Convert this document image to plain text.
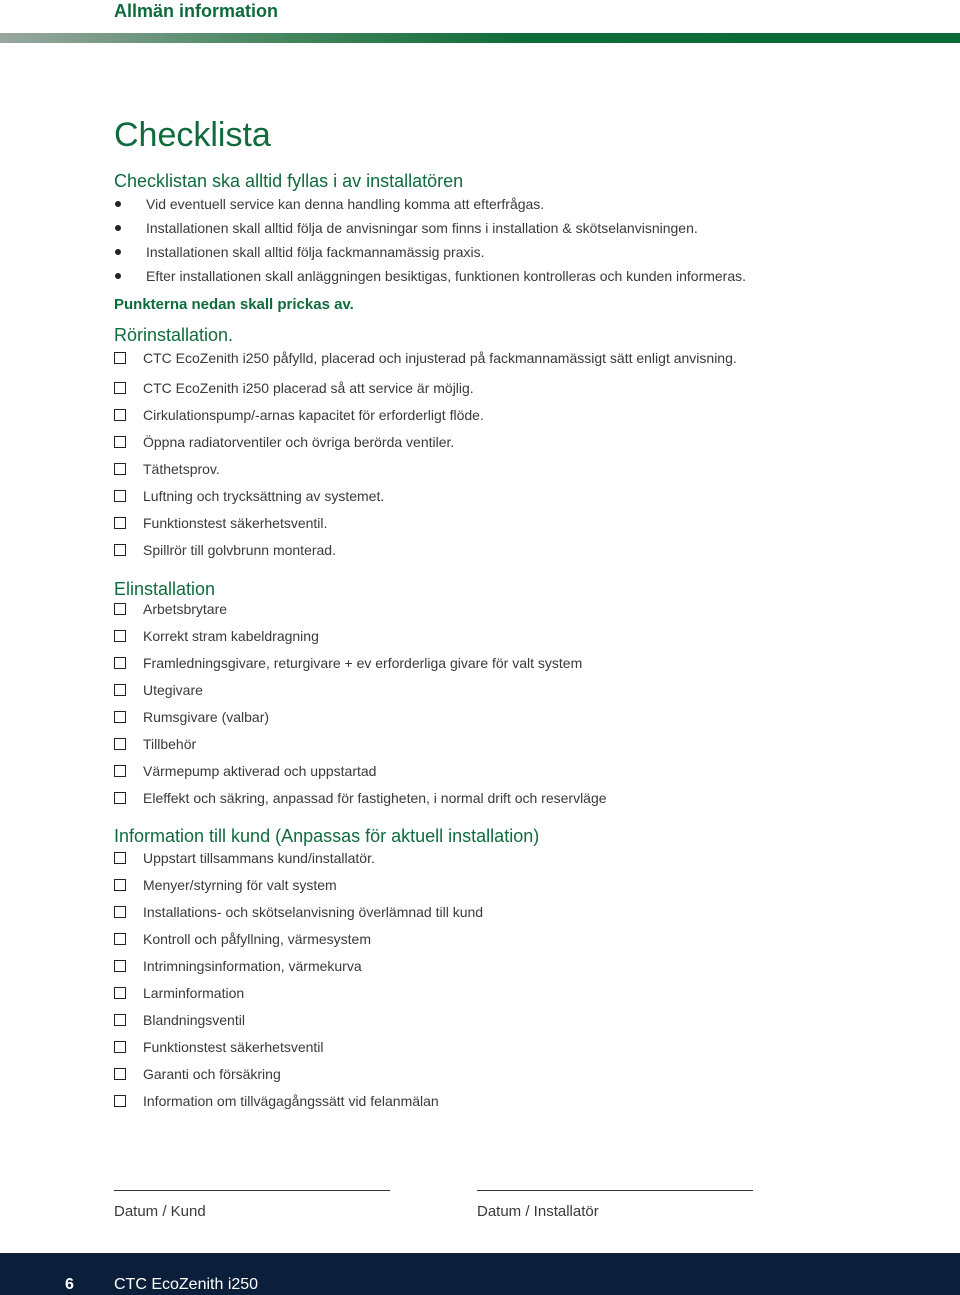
Allmän information
Checklista
Checklistan ska alltid fyllas i av installatören
Vid eventuell service kan denna handling komma att efterfrågas.
Installationen skall alltid följa de anvisningar som finns i installation & skötselanvisningen.
Installationen skall alltid följa fackmannamässig praxis.
Efter installationen skall anläggningen besiktigas, funktionen kontrolleras och kunden informeras.
Punkterna nedan skall prickas av.
Rörinstallation.
CTC EcoZenith i250 påfylld, placerad och injusterad på fackmannamässigt sätt enligt anvisning.
CTC EcoZenith i250 placerad så att service är möjlig.
Cirkulationspump/-arnas kapacitet för erforderligt flöde.
Öppna radiatorventiler och övriga berörda ventiler.
Täthetsprov.
Luftning och trycksättning av systemet.
Funktionstest säkerhetsventil.
Spillrör till golvbrunn monterad.
Elinstallation
Arbetsbrytare
Korrekt stram kabeldragning
Framledningsgivare, returgivare + ev erforderliga givare för valt system
Utegivare
Rumsgivare (valbar)
Tillbehör
Värmepump aktiverad och uppstartad
Eleffekt och säkring, anpassad för fastigheten, i normal drift och reservläge
Information till kund (Anpassas för aktuell installation)
Uppstart tillsammans kund/installatör.
Menyer/styrning för valt system
Installations- och skötselanvisning överlämnad till kund
Kontroll och påfyllning, värmesystem
Intrimningsinformation, värmekurva
Larminformation
Blandningsventil
Funktionstest säkerhetsventil
Garanti och försäkring
Information om tillvägagångssätt vid felanmälan
Datum / Kund	Datum / Installatör
6	CTC EcoZenith i250
